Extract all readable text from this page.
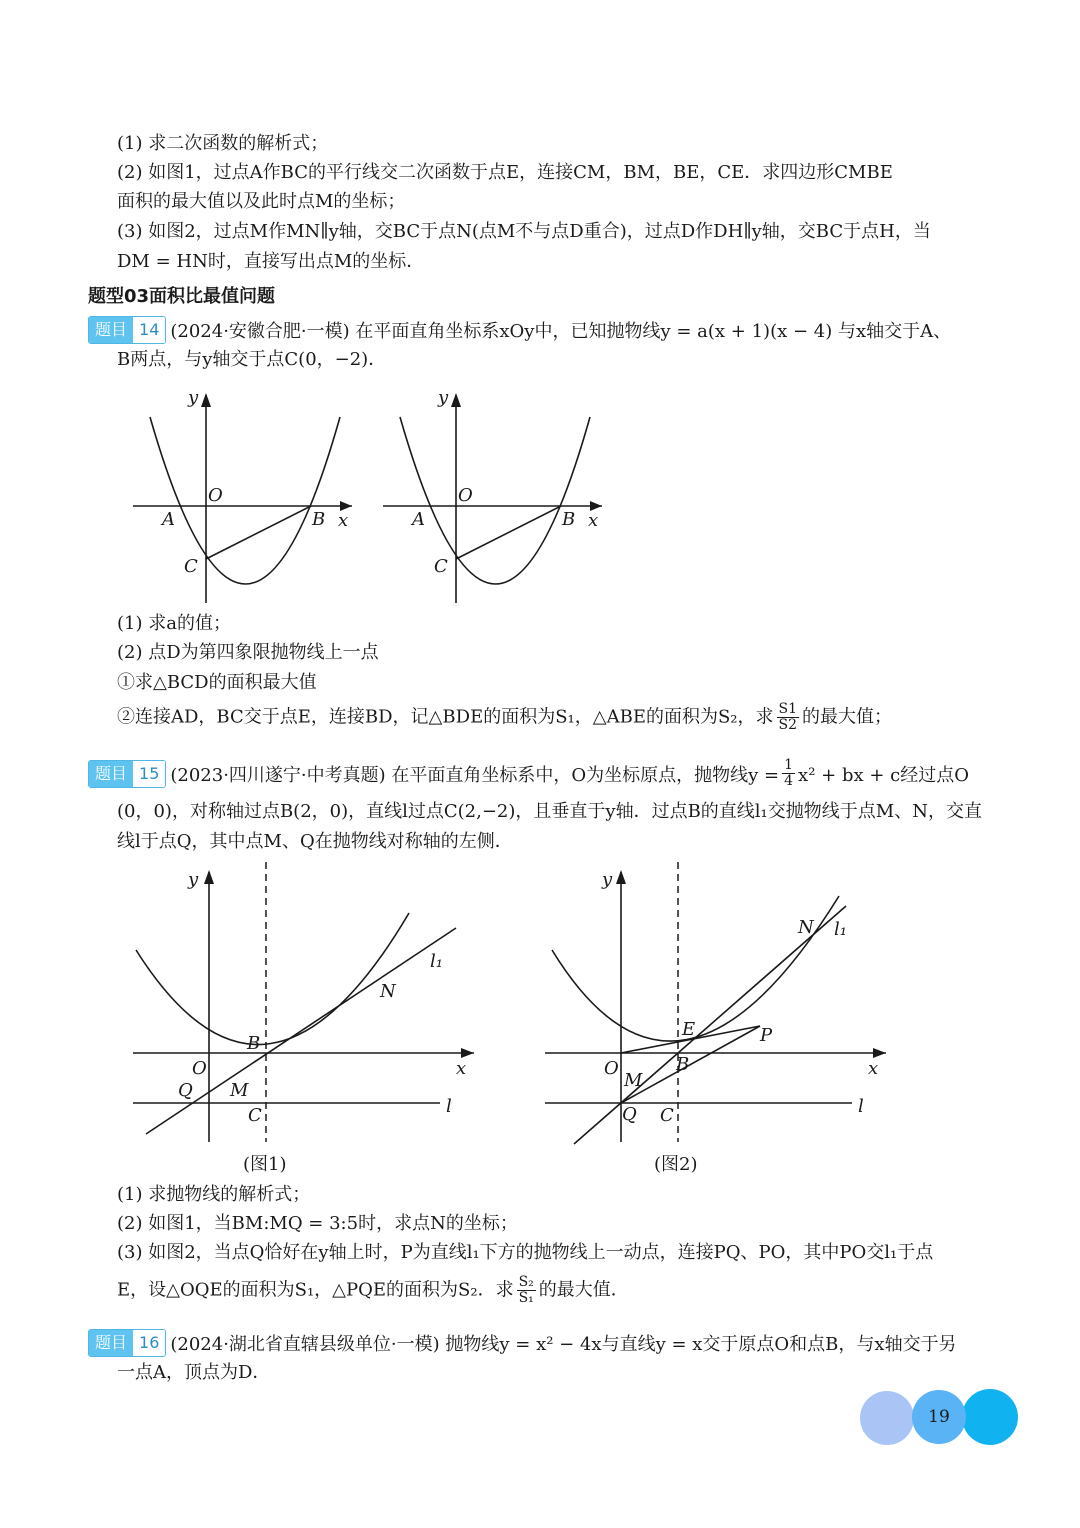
(1) 求二次函数的解析式；
(2) 如图1，过点A作BC的平行线交二次函数于点E，连接CM，BM，BE，CE．求四边形CMBE
面积的最大值以及此时点M的坐标；
(3) 如图2，过点M作MN∥y轴，交BC于点N(点M不与点D重合)，过点D作DH∥y轴，交BC于点H，当
DM = HN时，直接写出点M的坐标．
题型03面积比最值问题
题目 14 (2024·安徽合肥·一模) 在平面直角坐标系xOy中，已知抛物线y = a(x + 1)(x − 4) 与x轴交于A、
B两点，与y轴交于点C(0，−2)．
y
x
O
A	B
C
y
x
O
A	B
C
(1) 求a的值；
(2) 点D为第四象限抛物线上一点
①求△BCD的面积最大值
②连接AD，BC交于点E，连接BD，记△BDE的面积为S₁，△ABE的面积为S₂，求 $\frac{S1}{S2}$ 的最大值；
题目 15 (2023·四川遂宁·中考真题) 在平面直角坐标系中，O为坐标原点，抛物线$y = \frac{1}{4} x^2$ + bx + c经过点O
(0，0)，对称轴过点B(2，0)，直线l过点C(2,−2)，且垂直于y轴．过点B的直线l₁交抛物线于点M、N，交直
线l于点Q，其中点M、Q在抛物线对称轴的左侧．
y
x
O
B
C
N
M
Q
l₁
l
(图1)
y
x
O	B
C
N
M
Q
E	P
l₁
l
(图2)
(1) 求抛物线的解析式；
(2) 如图1，当BM:MQ = 3:5时，求点N的坐标；
(3) 如图2，当点Q恰好在y轴上时，P为直线l₁下方的抛物线上一动点，连接PQ、PO，其中PO交l₁于点
E，设△OQE的面积为S₁，△PQE的面积为S₂．求 $\frac{\text{S₂}}{\text{S₁}}$ 的最大值．
题目 16 (2024·湖北省直辖县级单位·一模) 抛物线y = x² − 4x与直线y = x交于原点O和点B，与x轴交于另
一点A，顶点为D．
19
